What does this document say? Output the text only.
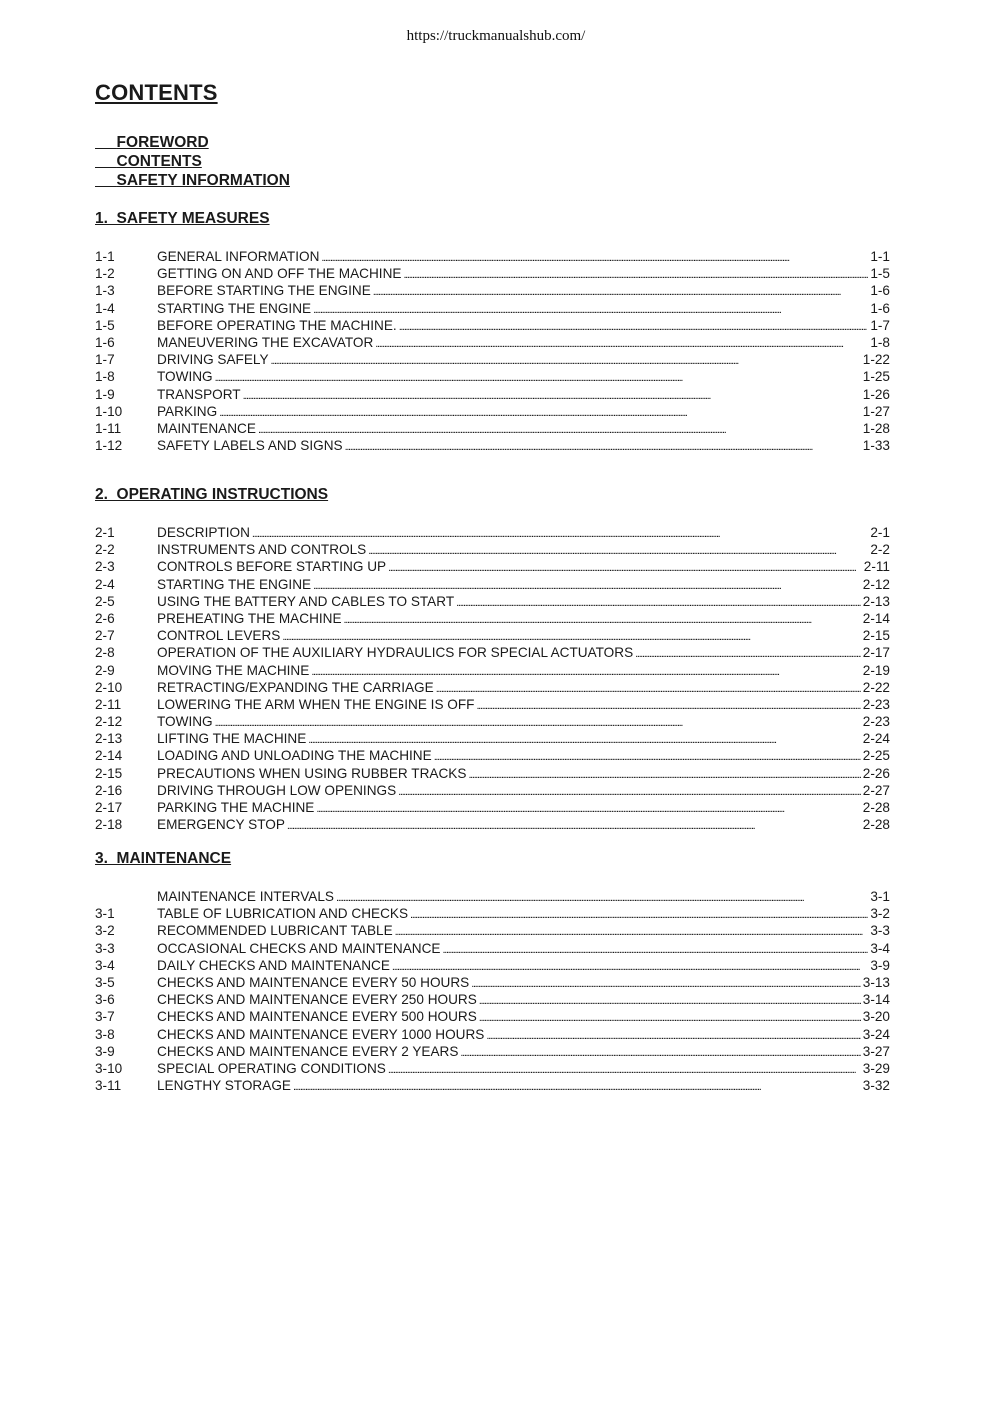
https://truckmanualshub.com/
CONTENTS
FOREWORD
CONTENTS
SAFETY INFORMATION
1.  SAFETY MEASURES
1-1	GENERAL INFORMATION . . .	1-1
1-2	GETTING ON AND OFF THE MACHINE . . .	1-5
1-3	BEFORE STARTING THE ENGINE . . .	1-6
1-4	STARTING THE ENGINE . . .	1-6
1-5	BEFORE OPERATING THE MACHINE. . . .	1-7
1-6	MANEUVERING THE EXCAVATOR . . .	1-8
1-7	DRIVING SAFELY . . .	1-22
1-8	TOWING . . .	1-25
1-9	TRANSPORT . . .	1-26
1-10	PARKING . . .	1-27
1-11	MAINTENANCE . . .	1-28
1-12	SAFETY LABELS AND SIGNS . . .	1-33
2.  OPERATING INSTRUCTIONS
2-1	DESCRIPTION . . .	2-1
2-2	INSTRUMENTS AND CONTROLS . . .	2-2
2-3	CONTROLS BEFORE STARTING UP . . .	2-11
2-4	STARTING THE ENGINE . . .	2-12
2-5	USING THE BATTERY AND CABLES TO START . . .	2-13
2-6	PREHEATING THE MACHINE . . .	2-14
2-7	CONTROL LEVERS . . .	2-15
2-8	OPERATION OF THE AUXILIARY HYDRAULICS FOR SPECIAL ACTUATORS . . .	2-17
2-9	MOVING THE MACHINE . . .	2-19
2-10	RETRACTING/EXPANDING THE CARRIAGE . . .	2-22
2-11	LOWERING THE ARM WHEN THE ENGINE IS OFF . . .	2-23
2-12	TOWING . . .	2-23
2-13	LIFTING THE MACHINE . . .	2-24
2-14	LOADING AND UNLOADING THE MACHINE . . .	2-25
2-15	PRECAUTIONS WHEN USING RUBBER TRACKS . . .	2-26
2-16	DRIVING THROUGH LOW OPENINGS . . .	2-27
2-17	PARKING THE MACHINE . . .	2-28
2-18	EMERGENCY STOP . . .	2-28
3.  MAINTENANCE
MAINTENANCE INTERVALS . . .	3-1
3-1	TABLE OF LUBRICATION AND CHECKS . . .	3-2
3-2	RECOMMENDED LUBRICANT TABLE . . .	3-3
3-3	OCCASIONAL CHECKS AND MAINTENANCE . . .	3-4
3-4	DAILY CHECKS AND MAINTENANCE . . .	3-9
3-5	CHECKS AND MAINTENANCE EVERY 50 HOURS . . .	3-13
3-6	CHECKS AND MAINTENANCE EVERY 250 HOURS . . .	3-14
3-7	CHECKS AND MAINTENANCE EVERY 500 HOURS . . .	3-20
3-8	CHECKS AND MAINTENANCE EVERY 1000 HOURS . . .	3-24
3-9	CHECKS AND MAINTENANCE EVERY 2 YEARS . . .	3-27
3-10	SPECIAL OPERATING CONDITIONS . . .	3-29
3-11	LENGTHY STORAGE . . .	3-32
